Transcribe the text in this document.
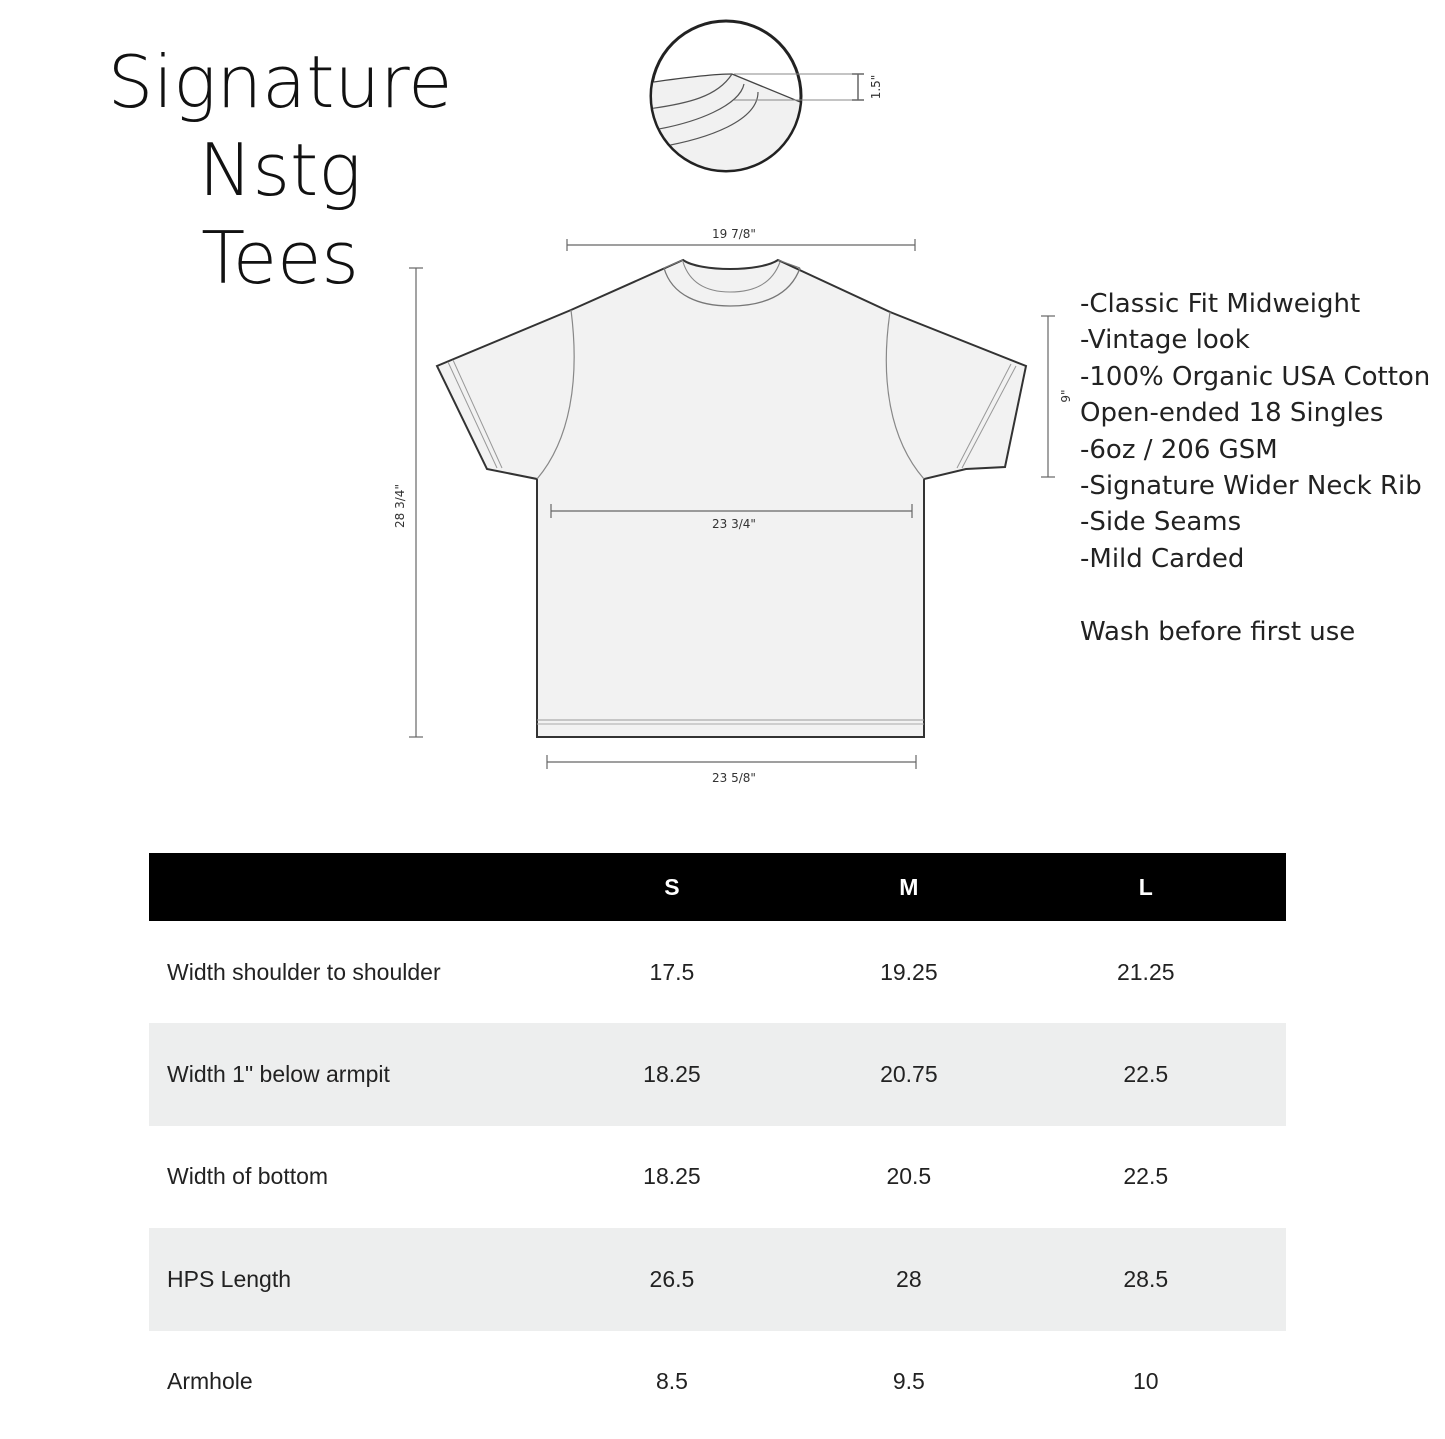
Signature Nstg
Tees
1.5"
19 7/8"
28 3/4"	23 3/4"
23 5/8"
9"
-Classic Fit Midweight
-Vintage look
-100% Organic USA Cotton
Open-ended 18 Singles
-6oz / 206 GSM
-Signature Wider Neck Rib
-Side Seams
-Mild Carded
Wash before first use
	S	M	L	
Width shoulder to shoulder	17.5	19.25	21.25	
Width 1" below armpit	18.25	20.75	22.5	
Width of bottom	18.25	20.5	22.5	
HPS Length	26.5	28	28.5	
Armhole	8.5	9.5	10	
